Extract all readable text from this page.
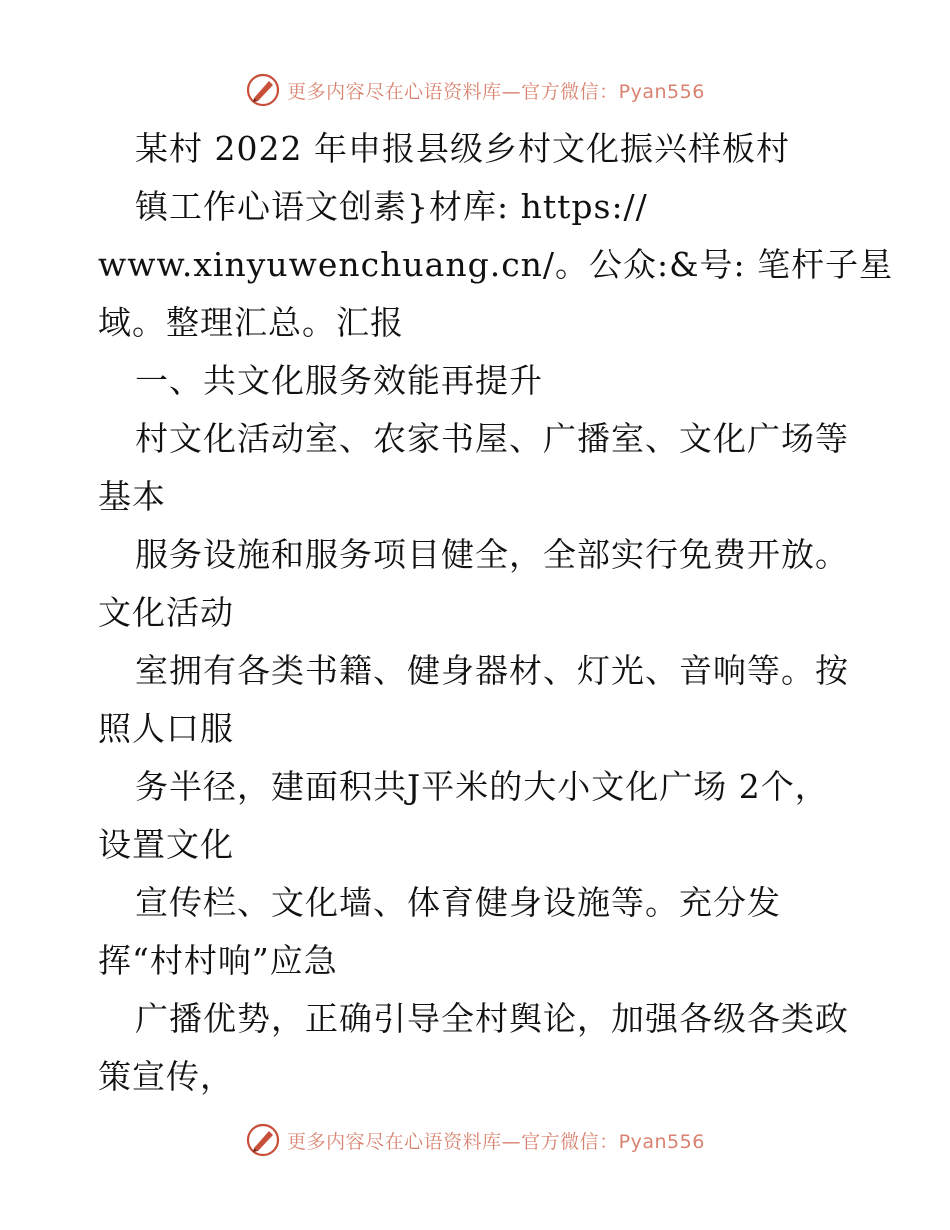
更多内容尽在心语资料库—官方微信：Pyan556
某村 2022 年申报县级乡村文化振兴样板村
镇工作心语文创素}材库: https://
www.xinyuwenchuang.cn/。公众:&号: 笔杆子星
域。整理汇总。汇报
一、共文化服务效能再提升
村文化活动室、农家书屋、广播室、文化广场等
基本
服务设施和服务项目健全，全部实行免费开放。
文化活动
室拥有各类书籍、健身器材、灯光、音响等。按
照人口服
务半径，建面积共J平米的大小文化广场 2个，
设置文化
宣传栏、文化墙、体育健身设施等。充分发
挥“村村响”应急
广播优势，正确引导全村舆论，加强各级各类政
策宣传，
更多内容尽在心语资料库—官方微信：Pyan556
